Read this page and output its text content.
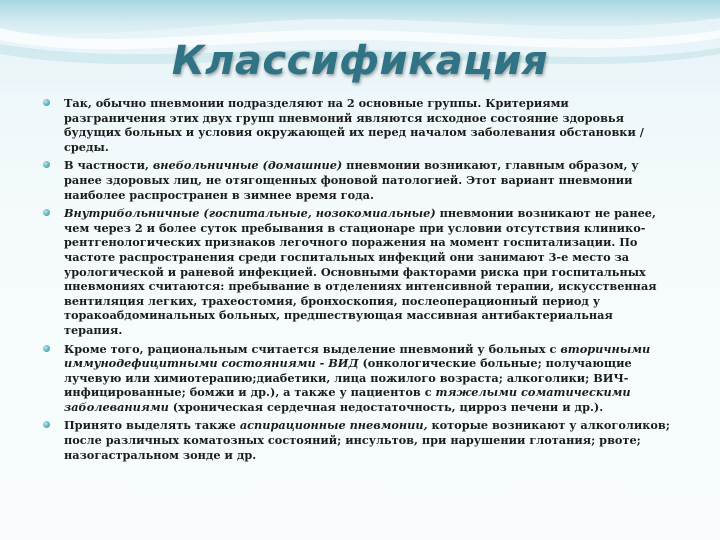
Классификация
Так, обычно пневмонии подразделяют на 2 основные группы. Критериями разграничения этих двух групп пневмоний являются исходное состояние здоровья будущих больных и условия окружающей их перед началом заболевания обстановки / среды.
В частности, внебольничные (домашние) пневмонии возникают, главным образом, у ранее здоровых лиц, не отягощенных фоновой патологией. Этот вариант пневмонии наиболее распространен в зимнее время года.
Внутрибольничные (госпитальные, нозокомиальные) пневмонии возникают не ранее, чем через 2 и более суток пребывания в стационаре при условии отсутствия клинико-рентгенологических признаков легочного поражения на момент госпитализации. По частоте распространения среди госпитальных инфекций они занимают 3-е место за урологической и раневой инфекцией. Основными факторами риска при госпитальных пневмониях считаются: пребывание в отделениях интенсивной терапии, искусственная вентиляция легких, трахеостомия, бронхоскопия, послеоперационный период у торакоабдоминальных больных, предшествующая массивная антибактериальная терапия.
Кроме того, рациональным считается выделение пневмоний у больных с вторичными иммунодефицитными состояниями - ВИД (онкологические больные; получающие лучевую или химиотерапию;диабетики, лица пожилого возраста; алкоголики; ВИЧ-инфицированные; бомжи и др.), а также у пациентов с тяжелыми соматическими заболеваниями (хроническая сердечная недостаточность, цирроз печени и др.).
Принято выделять также аспирационные пневмонии, которые возникают у алкоголиков; после различных коматозных состояний; инсультов, при нарушении глотания; рвоте; назогастральном зонде и др.
